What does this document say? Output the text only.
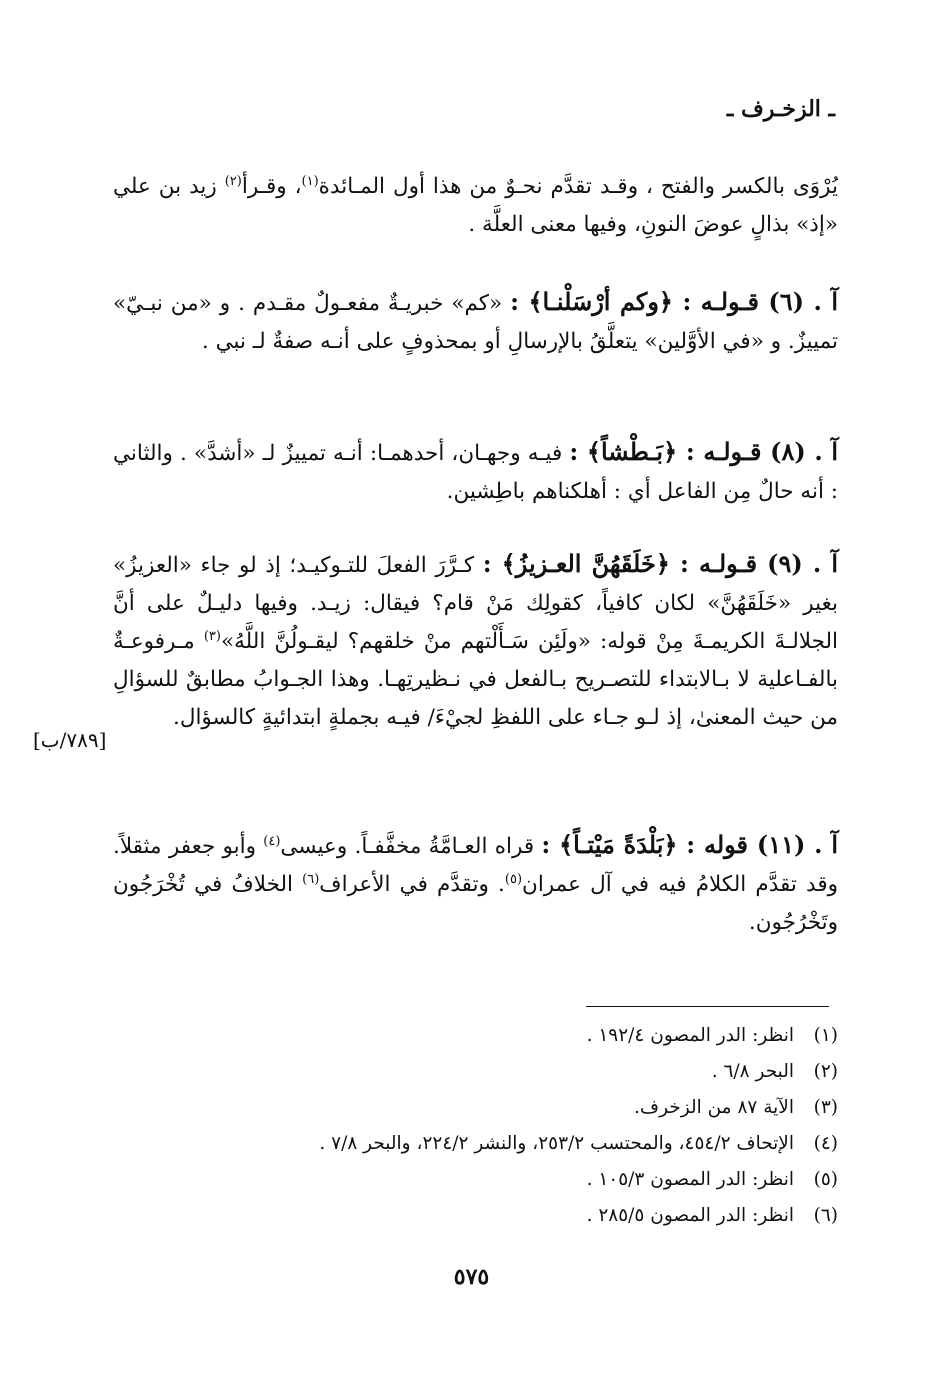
ـ الزخـرف ـ
يُرْوَى بالكسر والفتح ، وقـد تقدَّم نحـوٌ من هذا أول المـائدة$^{(١)}$، وقـرأ$^{(٢)}$ زيد بن علي «إذ» بذالٍ عوضَ النونِ، وفيها معنى العلَّة .
آ . (٦) قـولـه : ﴿وكم أرْسَلْنـا﴾ : «كم» خبريـةٌ مفعـولٌ مقـدم . و «من نبـيّ» تمييزٌ. و «في الأوَّلين» يتعلَّقُ بالإرسالِ أو بمحذوفٍ على أنـه صفةٌ لـ نبي .
آ . (٨) قـولـه : ﴿بَـطْشاً﴾ : فيـه وجهـان، أحدهمـا: أنـه تمييزٌ لـ «أشدَّ» . والثاني : أنه حالٌ مِن الفاعل أي : أهلكناهم باطِشين.
آ . (٩) قـولـه : ﴿خَلَقَهُنَّ العـزيزُ﴾ : كـرَّرَ الفعلَ للتـوكيـد؛ إذ لو جاء «العزيزُ» بغير «خَلَقَهُنَّ» لكان كافياً، كقولِك مَنْ قام؟ فيقال: زيـد. وفيها دليـلٌ على أنَّ الجلالـةَ الكريمـةَ مِنْ قوله: «ولَئِن سَـأَلْتهم منْ خلقهم؟ ليقـولُنَّ اللَّهُ»$^{(٣)}$ مـرفوعـةٌ بالفـاعلية لا بـالابتداء للتصـريح بـالفعل في نـظيرتِهـا. وهذا الجـوابُ مطابقٌ للسؤالِ من حيث المعنىٰ، إذ لـو جـاء على اللفظِ لجيْءَ/ فيـه بجملةٍ ابتدائيةٍ كالسؤال.
[٧٨٩/ب]
آ . (١١) قوله : ﴿بَلْدَةً مَيْتـاً﴾ : قراه العـامَّةُ مخفَّفـاً. وعيسى$^{(٤)}$ وأبو جعفر مثقلاً. وقد تقدَّم الكلامُ فيه في آل عمران$^{(٥)}$. وتقدَّم في الأعراف$^{(٦)}$ الخلافُ في تُخْرَجُون وتَخْرُجُون.
(١)انظر: الدر المصون ١٩٢/٤ .
(٢)البحر ٦/٨ .
(٣)الآية ٨٧ من الزخرف.
(٤)الإتحاف ٤٥٤/٢، والمحتسب ٢٥٣/٢، والنشر ٢٢٤/٢، والبحر ٧/٨ .
(٥)انظر: الدر المصون ١٠٥/٣ .
(٦)انظر: الدر المصون ٢٨٥/٥ .
٥٧٥
